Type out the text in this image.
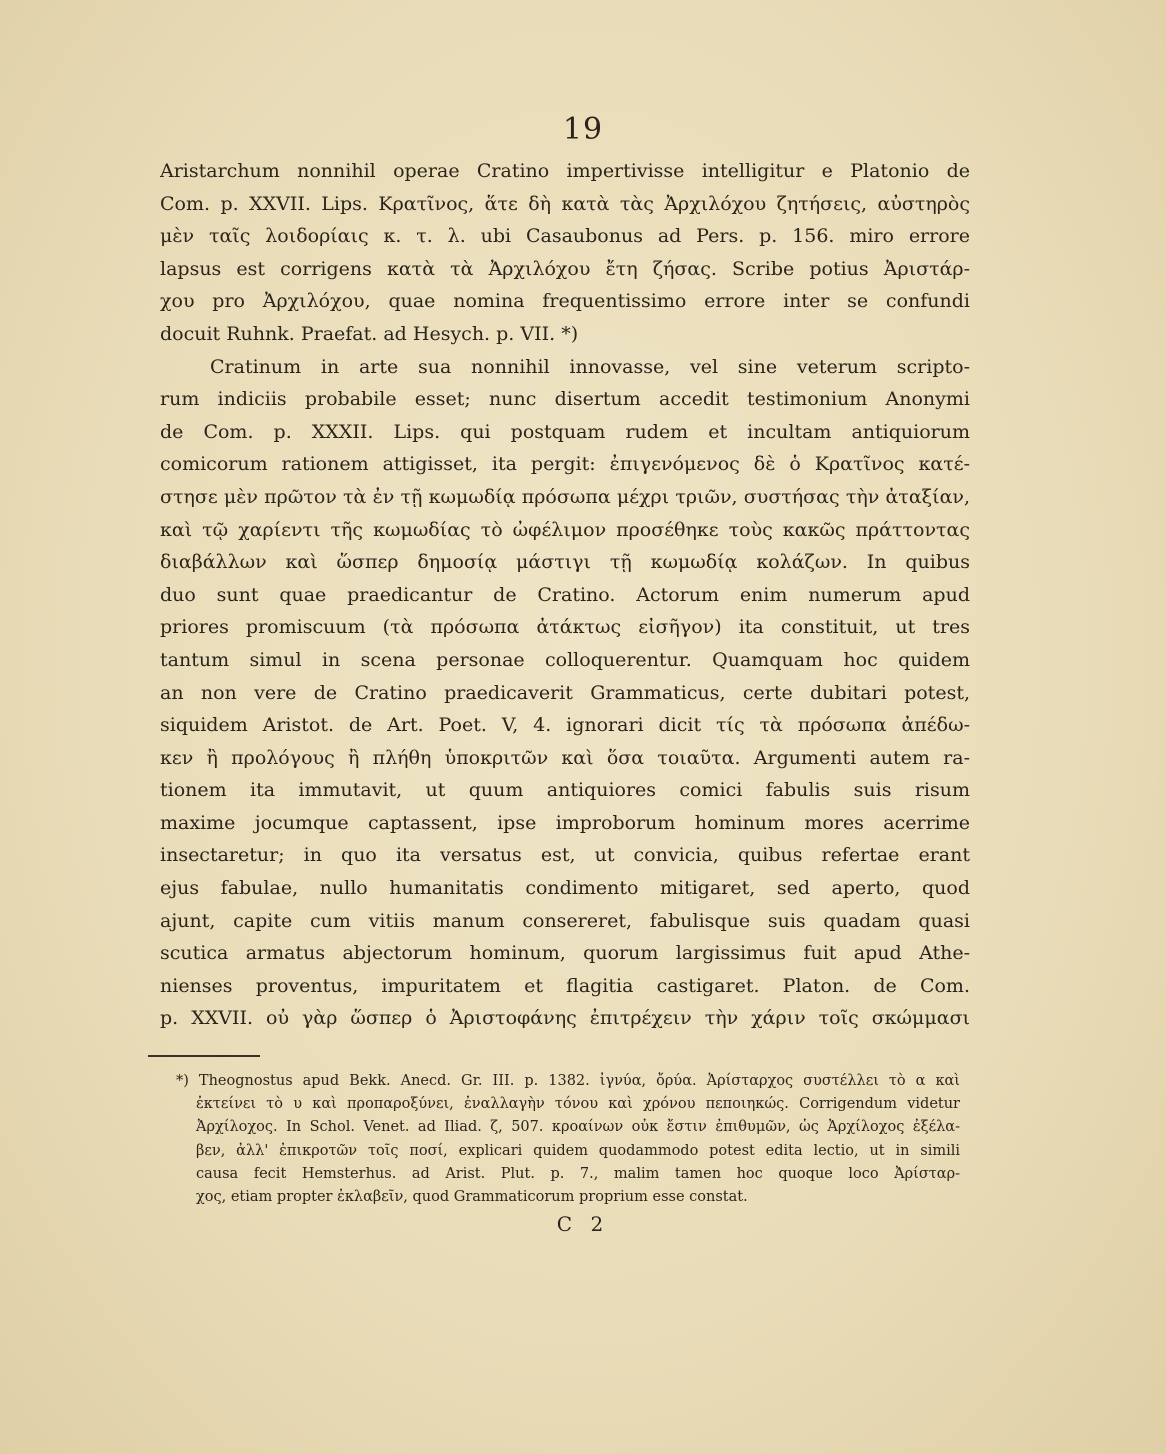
19
Aristarchum nonnihil operae Cratino impertivisse intelligitur e Platonio de
Com. p. XXVII. Lips. Κρατῖνος, ἅτε δὴ κατὰ τὰς Ἀρχιλόχου ζητήσεις, αὐστηρὸς
μὲν ταῖς λοιδορίαις κ. τ. λ. ubi Casaubonus ad Pers. p. 156. miro errore
lapsus est corrigens κατὰ τὰ Ἀρχιλόχου ἔτη ζήσας. Scribe potius Ἀριστάρ-
χου pro Ἀρχιλόχου, quae nomina frequentissimo errore inter se confundi
docuit Ruhnk. Praefat. ad Hesych. p. VII. *)
Cratinum in arte sua nonnihil innovasse, vel sine veterum scripto-
rum indiciis probabile esset; nunc disertum accedit testimonium Anonymi
de Com. p. XXXII. Lips. qui postquam rudem et incultam antiquiorum
comicorum rationem attigisset, ita pergit: ἐπιγενόμενος δὲ ὁ Κρατῖνος κατέ-
στησε μὲν πρῶτον τὰ ἐν τῇ κωμωδίᾳ πρόσωπα μέχρι τριῶν, συστήσας τὴν ἀταξίαν,
καὶ τῷ χαρίεντι τῆς κωμωδίας τὸ ὠφέλιμον προσέθηκε τοὺς κακῶς πράττοντας
διαβάλλων καὶ ὥσπερ δημοσίᾳ μάστιγι τῇ κωμωδίᾳ κολάζων. In quibus
duo sunt quae praedicantur de Cratino. Actorum enim numerum apud
priores promiscuum (τὰ πρόσωπα ἀτάκτως εἰσῆγον) ita constituit, ut tres
tantum simul in scena personae colloquerentur. Quamquam hoc quidem
an non vere de Cratino praedicaverit Grammaticus, certe dubitari potest,
siquidem Aristot. de Art. Poet. V, 4. ignorari dicit τίς τὰ πρόσωπα ἀπέδω-
κεν ἢ προλόγους ἢ πλήθη ὑποκριτῶν καὶ ὅσα τοιαῦτα. Argumenti autem ra-
tionem ita immutavit, ut quum antiquiores comici fabulis suis risum
maxime jocumque captassent, ipse improborum hominum mores acerrime
insectaretur; in quo ita versatus est, ut convicia, quibus refertae erant
ejus fabulae, nullo humanitatis condimento mitigaret, sed aperto, quod
ajunt, capite cum vitiis manum consereret, fabulisque suis quadam quasi
scutica armatus abjectorum hominum, quorum largissimus fuit apud Athe-
nienses proventus, impuritatem et flagitia castigaret. Platon. de Com.
p. XXVII. οὐ γὰρ ὥσπερ ὁ Ἀριστοφάνης ἐπιτρέχειν τὴν χάριν τοῖς σκώμμασι
*) Theognostus apud Bekk. Anecd. Gr. III. p. 1382. ἰγνύα, ὄρύα. Ἀρίσταρχος συστέλλει τὸ α καὶ
ἐκτείνει τὸ υ καὶ προπαροξύνει, ἐναλλαγὴν τόνου καὶ χρόνου πεποιηκώς. Corrigendum videtur
Ἀρχίλοχος. In Schol. Venet. ad Iliad. ζ, 507. κροαίνων οὐκ ἔστιν ἐπιθυμῶν, ὡς Ἀρχίλοχος ἐξέλα-
βεν, ἀλλ' ἐπικροτῶν τοῖς ποσί, explicari quidem quodammodo potest edita lectio, ut in simili
causa fecit Hemsterhus. ad Arist. Plut. p. 7., malim tamen hoc quoque loco Ἀρίσταρ-
χος, etiam propter ἐκλαβεῖν, quod Grammaticorum proprium esse constat.
C 2
